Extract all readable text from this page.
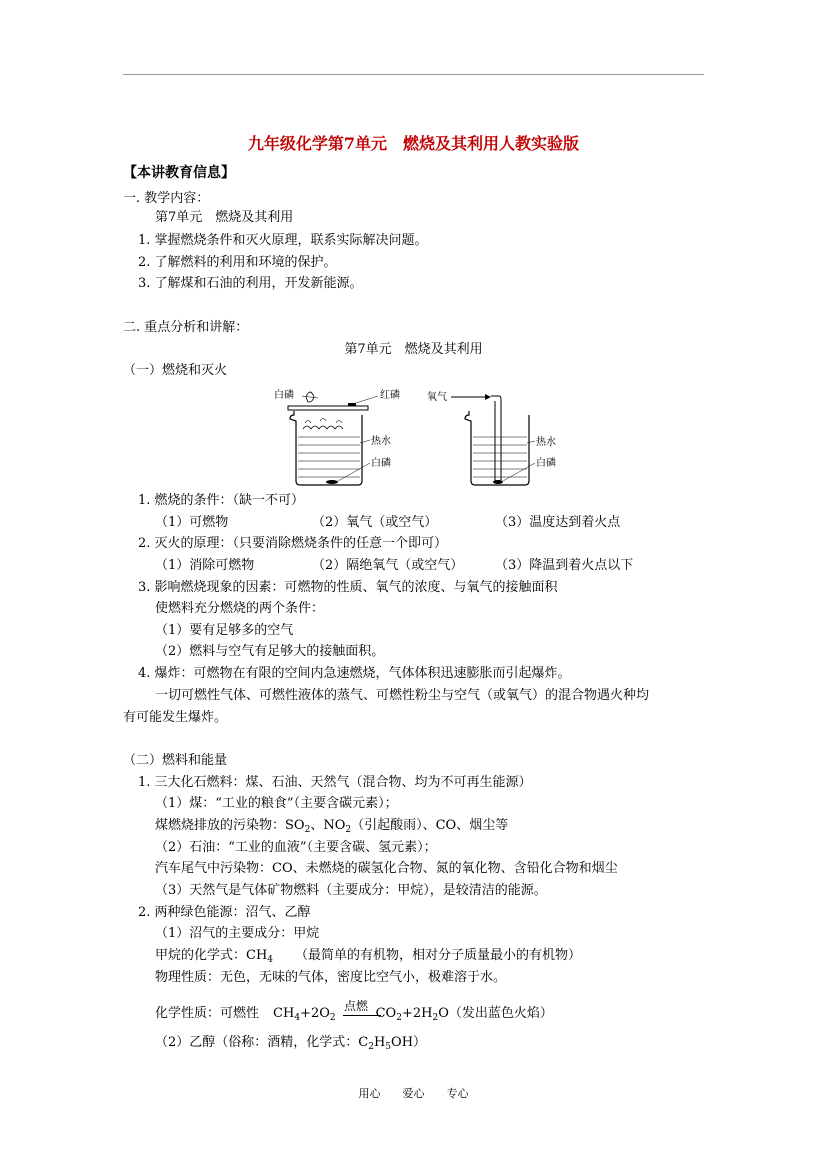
九年级化学第7单元　燃烧及其利用人教实验版
【本讲教育信息】
一. 教学内容：
第7单元　燃烧及其利用
1. 掌握燃烧条件和灭火原理，联系实际解决问题。
2. 了解燃料的利用和环境的保护。
3. 了解煤和石油的利用，开发新能源。
二. 重点分析和讲解：
第7单元　燃烧及其利用
（一）燃烧和灭火
白磷	红磷
热水
白磷
氧气
热水
白磷
1. 燃烧的条件：（缺一不可）
（1）可燃物	（2）氧气（或空气）	（3）温度达到着火点
2. 灭火的原理：（只要消除燃烧条件的任意一个即可）
（1）消除可燃物	（2）隔绝氧气（或空气） （3）降温到着火点以下
3. 影响燃烧现象的因素：可燃物的性质、氧气的浓度、与氧气的接触面积
使燃料充分燃烧的两个条件：
（1）要有足够多的空气
（2）燃料与空气有足够大的接触面积。
4. 爆炸：可燃物在有限的空间内急速燃烧，气体体积迅速膨胀而引起爆炸。
一切可燃性气体、可燃性液体的蒸气、可燃性粉尘与空气（或氧气）的混合物遇火种均
有可能发生爆炸。
（二）燃料和能量
1. 三大化石燃料：煤、石油、天然气（混合物、均为不可再生能源）
（1）煤：“工业的粮食”（主要含碳元素）；
煤燃烧排放的污染物：$SO_2$、$NO_2$（引起酸雨）、CO、烟尘等
（2）石油：“工业的血液”（主要含碳、氢元素）；
汽车尾气中污染物：CO、未燃烧的碳氢化合物、氮的氧化物、含铅化合物和烟尘
（3）天然气是气体矿物燃料（主要成分：甲烷），是较清洁的能源。
2. 两种绿色能源：沼气、乙醇
（1）沼气的主要成分：甲烷
甲烷的化学式：$CH_4$ （最简单的有机物，相对分子质量最小的有机物）
物理性质：无色，无味的气体，密度比空气小，极难溶于水。
化学性质：可燃性 $CH_4+2O_2$	$CO_2+2H_2O$（发出蓝色火焰）
点燃
（2）乙醇（俗称：酒精，化学式：$C_2H_5OH$）
用心　　爱心　　专心
